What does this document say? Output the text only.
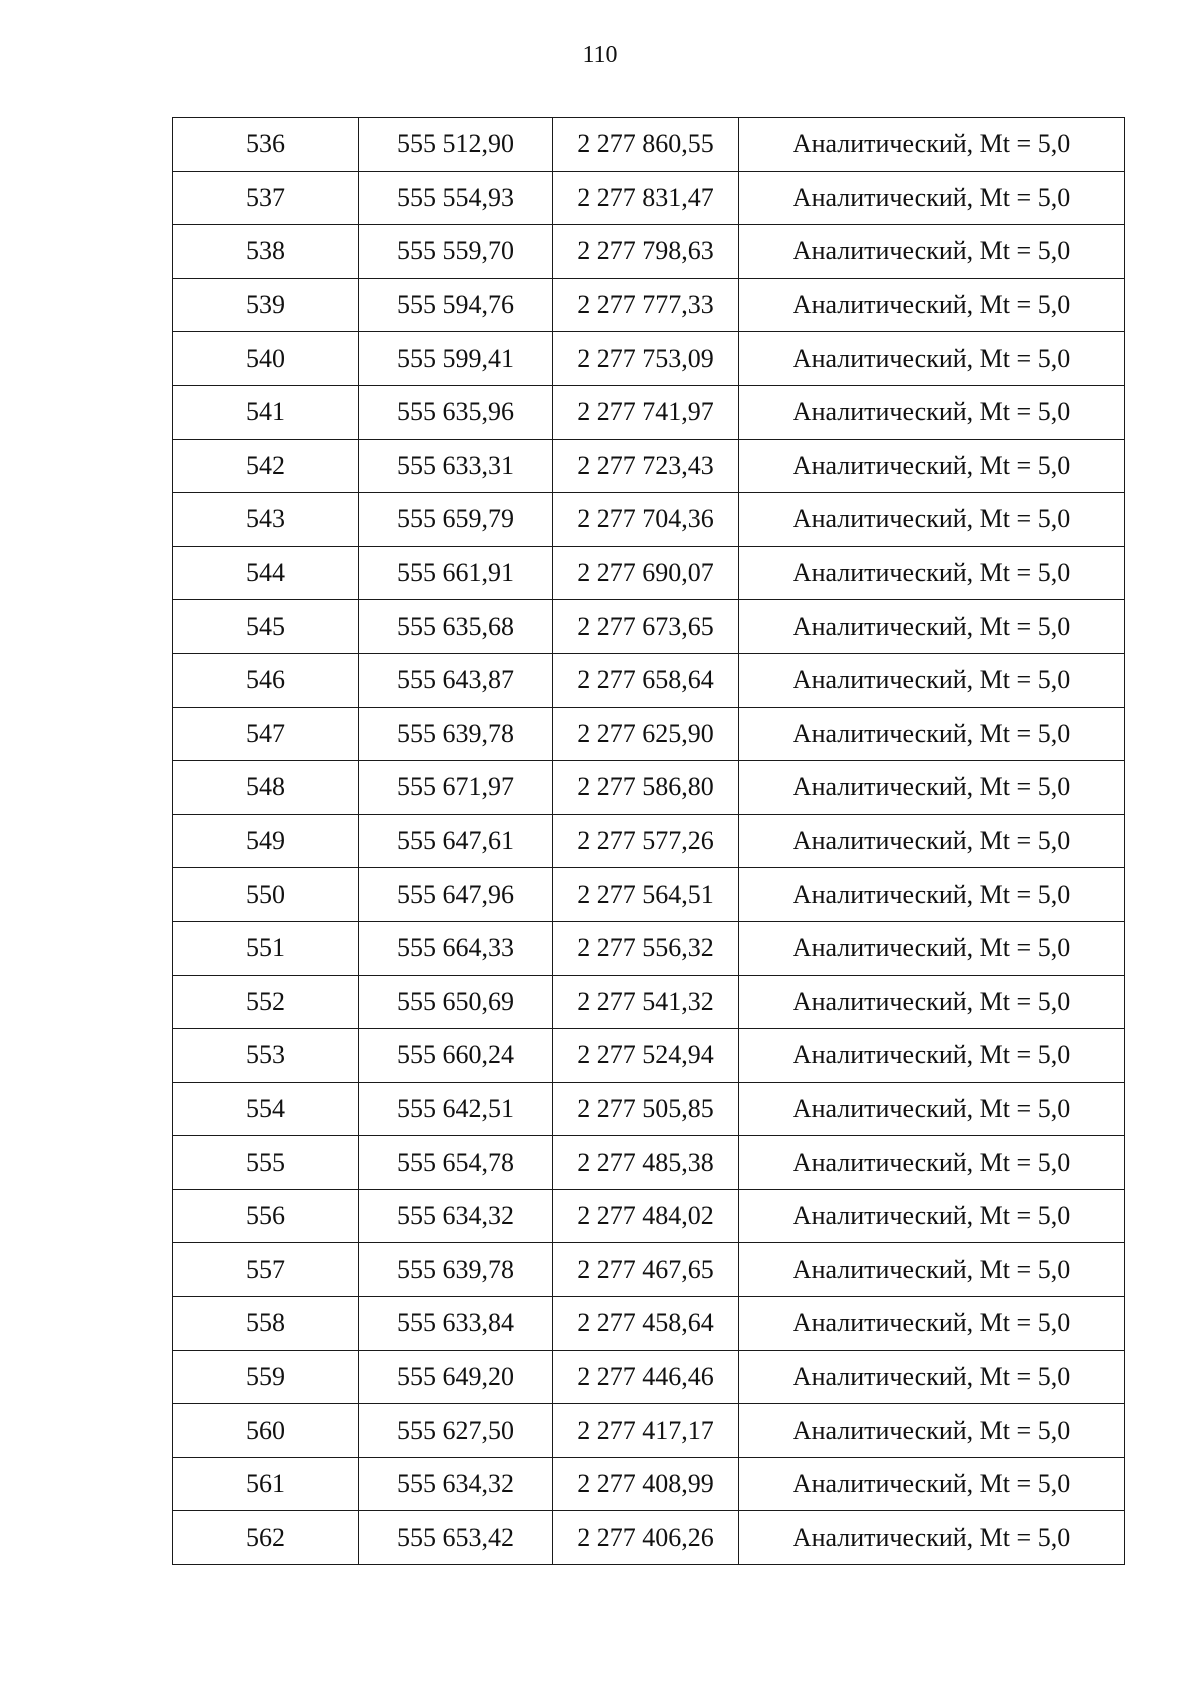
110
536	555 512,90	2 277 860,55	Аналитический, Mt = 5,0
537	555 554,93	2 277 831,47	Аналитический, Mt = 5,0
538	555 559,70	2 277 798,63	Аналитический, Mt = 5,0
539	555 594,76	2 277 777,33	Аналитический, Mt = 5,0
540	555 599,41	2 277 753,09	Аналитический, Mt = 5,0
541	555 635,96	2 277 741,97	Аналитический, Mt = 5,0
542	555 633,31	2 277 723,43	Аналитический, Mt = 5,0
543	555 659,79	2 277 704,36	Аналитический, Mt = 5,0
544	555 661,91	2 277 690,07	Аналитический, Mt = 5,0
545	555 635,68	2 277 673,65	Аналитический, Mt = 5,0
546	555 643,87	2 277 658,64	Аналитический, Mt = 5,0
547	555 639,78	2 277 625,90	Аналитический, Mt = 5,0
548	555 671,97	2 277 586,80	Аналитический, Mt = 5,0
549	555 647,61	2 277 577,26	Аналитический, Mt = 5,0
550	555 647,96	2 277 564,51	Аналитический, Mt = 5,0
551	555 664,33	2 277 556,32	Аналитический, Mt = 5,0
552	555 650,69	2 277 541,32	Аналитический, Mt = 5,0
553	555 660,24	2 277 524,94	Аналитический, Mt = 5,0
554	555 642,51	2 277 505,85	Аналитический, Mt = 5,0
555	555 654,78	2 277 485,38	Аналитический, Mt = 5,0
556	555 634,32	2 277 484,02	Аналитический, Mt = 5,0
557	555 639,78	2 277 467,65	Аналитический, Mt = 5,0
558	555 633,84	2 277 458,64	Аналитический, Mt = 5,0
559	555 649,20	2 277 446,46	Аналитический, Mt = 5,0
560	555 627,50	2 277 417,17	Аналитический, Mt = 5,0
561	555 634,32	2 277 408,99	Аналитический, Mt = 5,0
562	555 653,42	2 277 406,26	Аналитический, Mt = 5,0
